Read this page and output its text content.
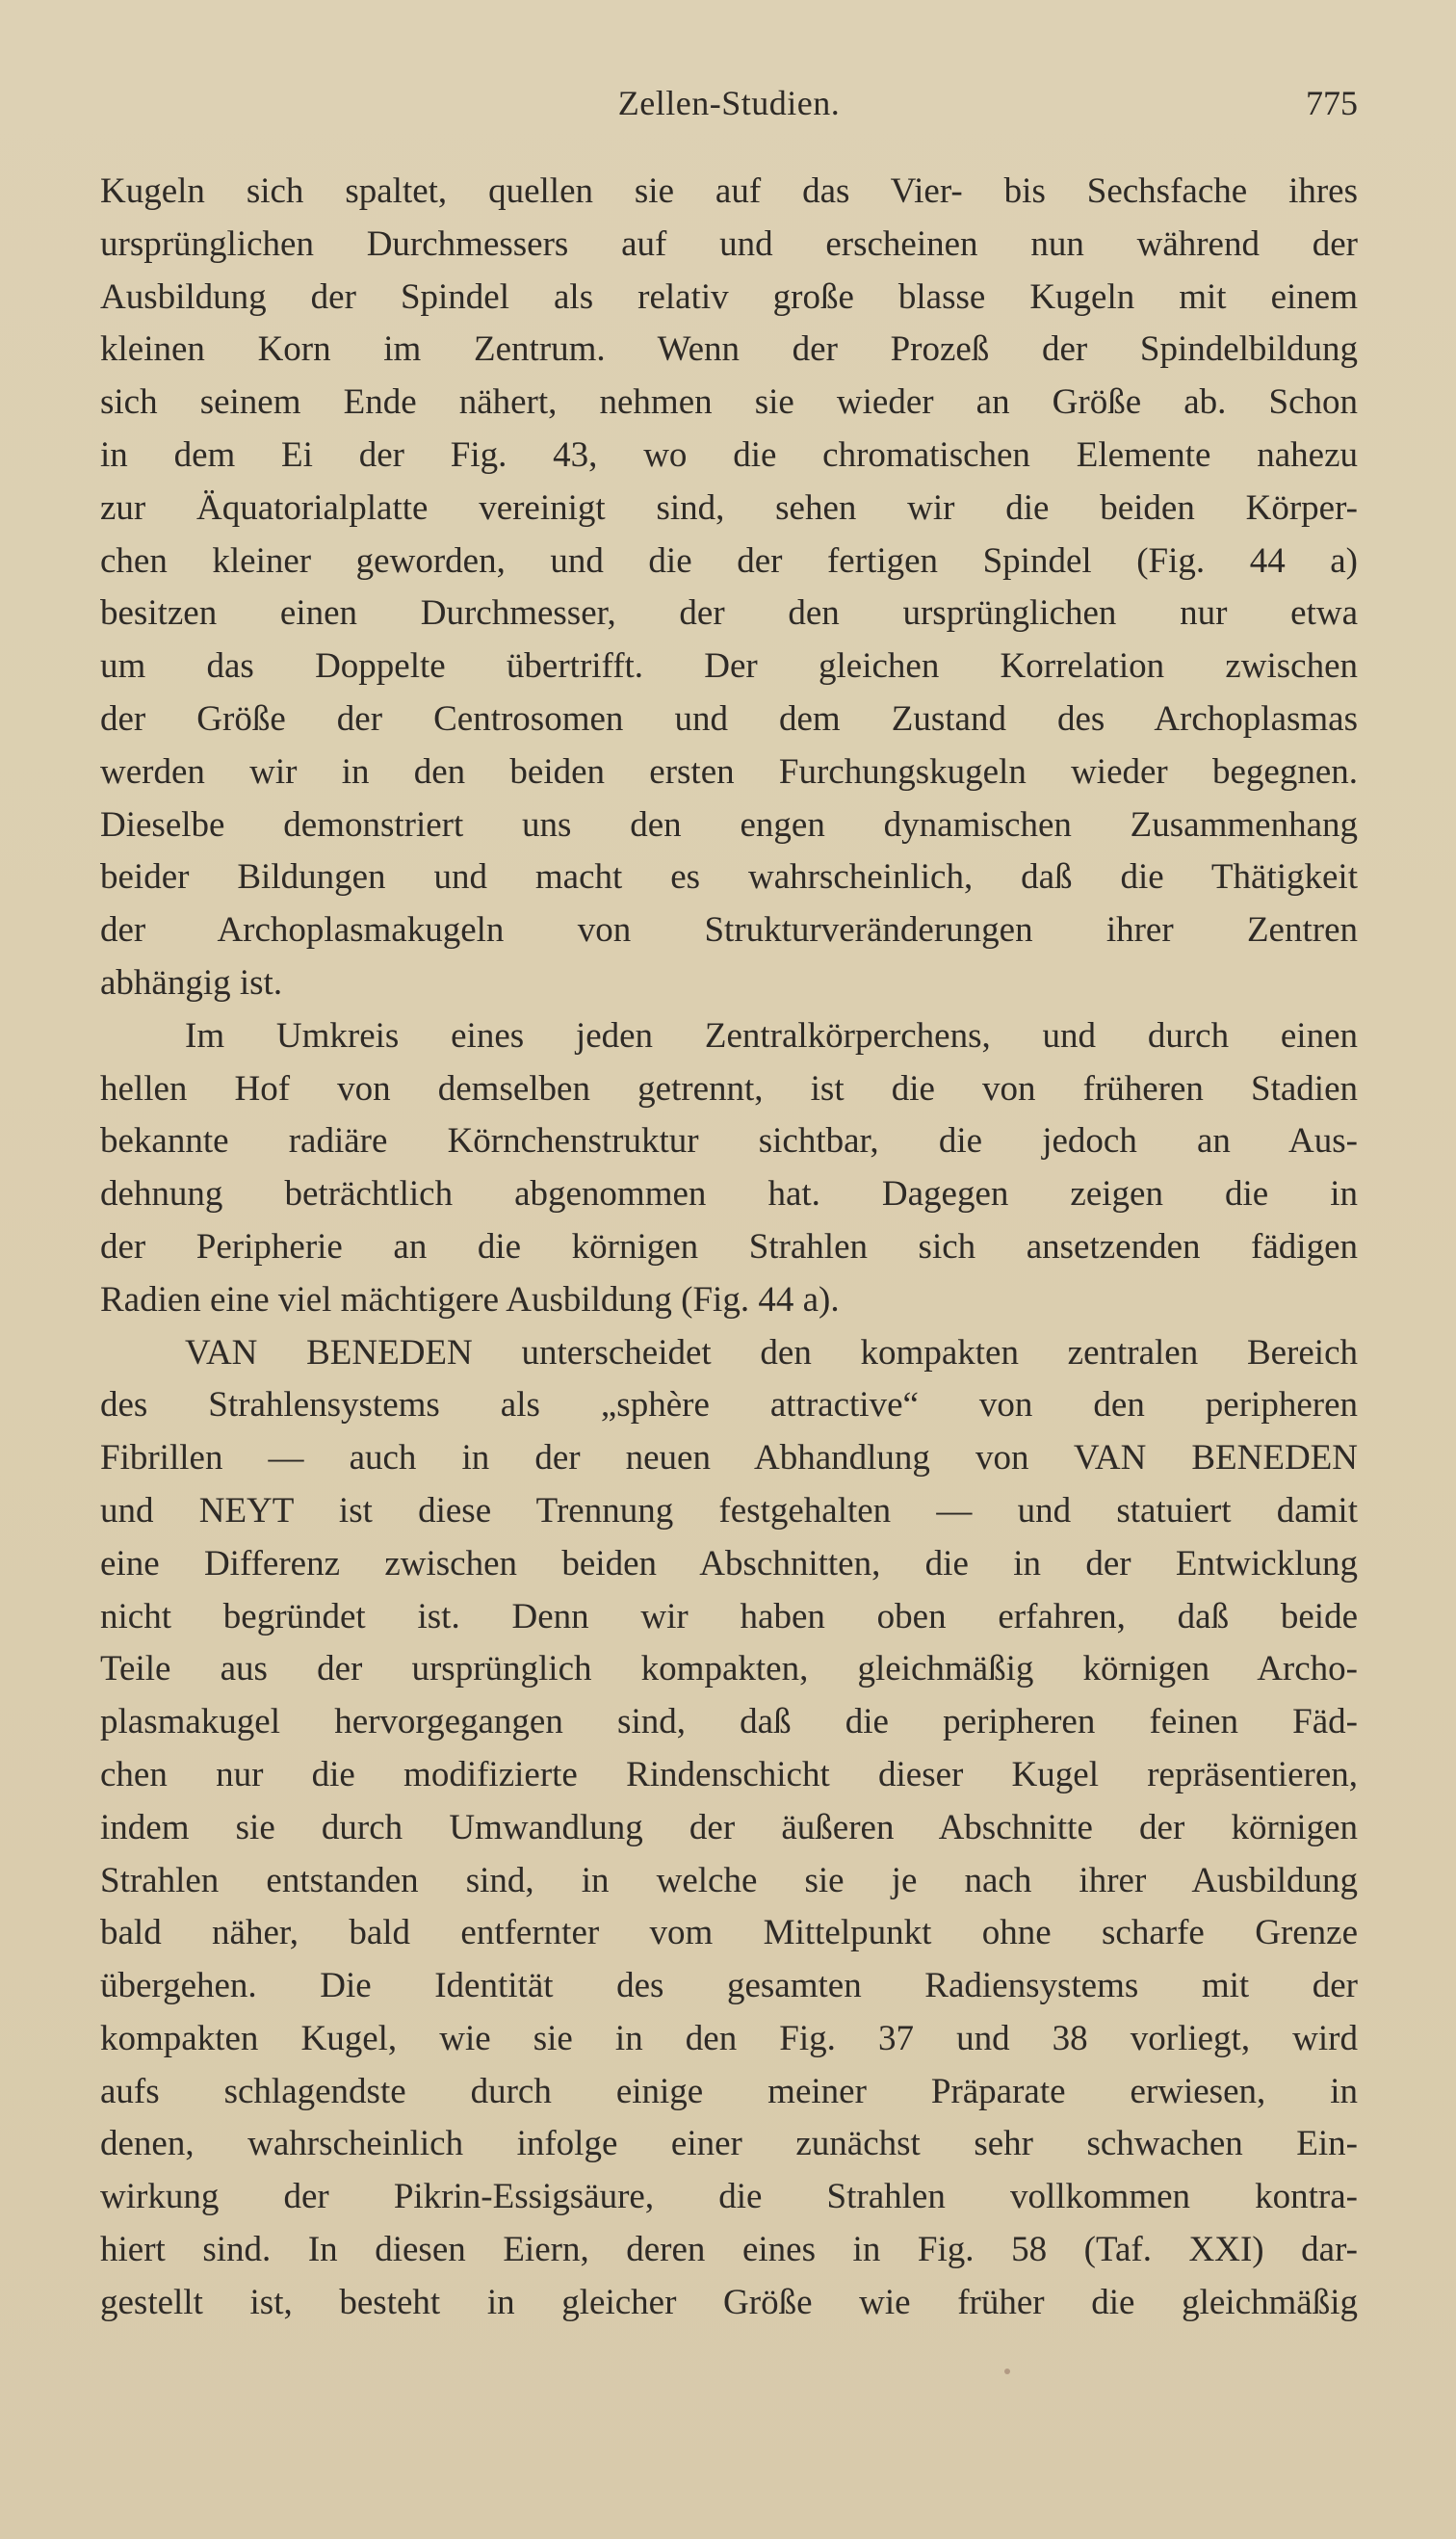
Zellen-Studien.	775
Kugeln sich spaltet, quellen sie auf das Vier- bis Sechsfache ihres
ursprünglichen Durchmessers auf und erscheinen nun während der
Ausbildung der Spindel als relativ große blasse Kugeln mit einem
kleinen Korn im Zentrum. Wenn der Prozeß der Spindelbildung
sich seinem Ende nähert, nehmen sie wieder an Größe ab. Schon
in dem Ei der Fig. 43, wo die chromatischen Elemente nahezu
zur Äquatorialplatte vereinigt sind, sehen wir die beiden Körper-
chen kleiner geworden, und die der fertigen Spindel (Fig. 44 a)
besitzen einen Durchmesser, der den ursprünglichen nur etwa
um das Doppelte übertrifft. Der gleichen Korrelation zwischen
der Größe der Centrosomen und dem Zustand des Archoplasmas
werden wir in den beiden ersten Furchungskugeln wieder begegnen.
Dieselbe demonstriert uns den engen dynamischen Zusammenhang
beider Bildungen und macht es wahrscheinlich, daß die Thätigkeit
der Archoplasmakugeln von Strukturveränderungen ihrer Zentren
abhängig ist.
Im Umkreis eines jeden Zentralkörperchens, und durch einen
hellen Hof von demselben getrennt, ist die von früheren Stadien
bekannte radiäre Körnchenstruktur sichtbar, die jedoch an Aus-
dehnung beträchtlich abgenommen hat. Dagegen zeigen die in
der Peripherie an die körnigen Strahlen sich ansetzenden fädigen
Radien eine viel mächtigere Ausbildung (Fig. 44 a).
VAN BENEDEN unterscheidet den kompakten zentralen Bereich
des Strahlensystems als „sphère attractive“ von den peripheren
Fibrillen — auch in der neuen Abhandlung von VAN BENEDEN
und NEYT ist diese Trennung festgehalten — und statuiert damit
eine Differenz zwischen beiden Abschnitten, die in der Entwicklung
nicht begründet ist. Denn wir haben oben erfahren, daß beide
Teile aus der ursprünglich kompakten, gleichmäßig körnigen Archo-
plasmakugel hervorgegangen sind, daß die peripheren feinen Fäd-
chen nur die modifizierte Rindenschicht dieser Kugel repräsentieren,
indem sie durch Umwandlung der äußeren Abschnitte der körnigen
Strahlen entstanden sind, in welche sie je nach ihrer Ausbildung
bald näher, bald entfernter vom Mittelpunkt ohne scharfe Grenze
übergehen. Die Identität des gesamten Radiensystems mit der
kompakten Kugel, wie sie in den Fig. 37 und 38 vorliegt, wird
aufs schlagendste durch einige meiner Präparate erwiesen, in
denen, wahrscheinlich infolge einer zunächst sehr schwachen Ein-
wirkung der Pikrin-Essigsäure, die Strahlen vollkommen kontra-
hiert sind. In diesen Eiern, deren eines in Fig. 58 (Taf. XXI) dar-
gestellt ist, besteht in gleicher Größe wie früher die gleichmäßig
